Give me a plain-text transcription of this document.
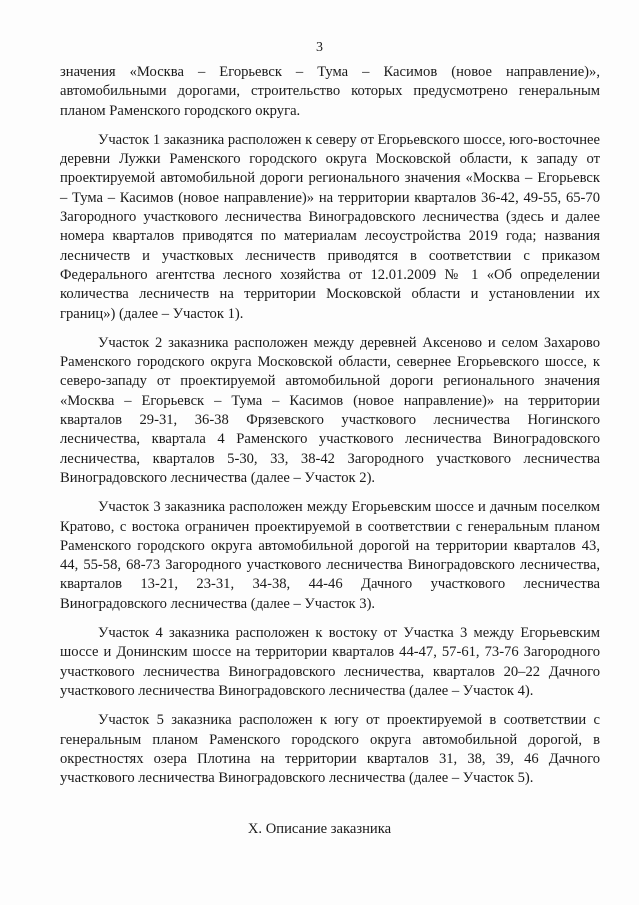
3

значения «Москва – Егорьевск – Тума – Касимов (новое направление)», автомобильными дорогами, строительство которых предусмотрено генеральным планом Раменского городского округа.

Участок 1 заказника расположен к северу от Егорьевского шоссе, юго-восточнее деревни Лужки Раменского городского округа Московской области, к западу от проектируемой автомобильной дороги регионального значения «Москва – Егорьевск – Тума – Касимов (новое направление)» на территории кварталов 36-42, 49-55, 65-70 Загородного участкового лесничества Виноградовского лесничества (здесь и далее номера кварталов приводятся по материалам лесоустройства 2019 года; названия лесничеств и участковых лесничеств приводятся в соответствии с приказом Федерального агентства лесного хозяйства от 12.01.2009 № 1 «Об определении количества лесничеств на территории Московской области и установлении их границ») (далее – Участок 1).

Участок 2 заказника расположен между деревней Аксеново и селом Захарово Раменского городского округа Московской области, севернее Егорьевского шоссе, к северо-западу от проектируемой автомобильной дороги регионального значения «Москва – Егорьевск – Тума – Касимов (новое направление)» на территории кварталов 29-31, 36-38 Фрязевского участкового лесничества Ногинского лесничества, квартала 4 Раменского участкового лесничества Виноградовского лесничества, кварталов 5-30, 33, 38-42 Загородного участкового лесничества Виноградовского лесничества (далее – Участок 2).

Участок 3 заказника расположен между Егорьевским шоссе и дачным поселком Кратово, с востока ограничен проектируемой в соответствии с генеральным планом Раменского городского округа автомобильной дорогой на территории кварталов 43, 44, 55-58, 68-73 Загородного участкового лесничества Виноградовского лесничества, кварталов 13-21, 23-31, 34-38, 44-46 Дачного участкового лесничества Виноградовского лесничества (далее – Участок 3).

Участок 4 заказника расположен к востоку от Участка 3 между Егорьевским шоссе и Донинским шоссе на территории кварталов 44-47, 57-61, 73-76 Загородного участкового лесничества Виноградовского лесничества, кварталов 20–22 Дачного участкового лесничества Виноградовского лесничества (далее – Участок 4).

Участок 5 заказника расположен к югу от проектируемой в соответствии с генеральным планом Раменского городского округа автомобильной дорогой, в окрестностях озера Плотина на территории кварталов 31, 38, 39, 46 Дачного участкового лесничества Виноградовского лесничества (далее – Участок 5).

X. Описание заказника
